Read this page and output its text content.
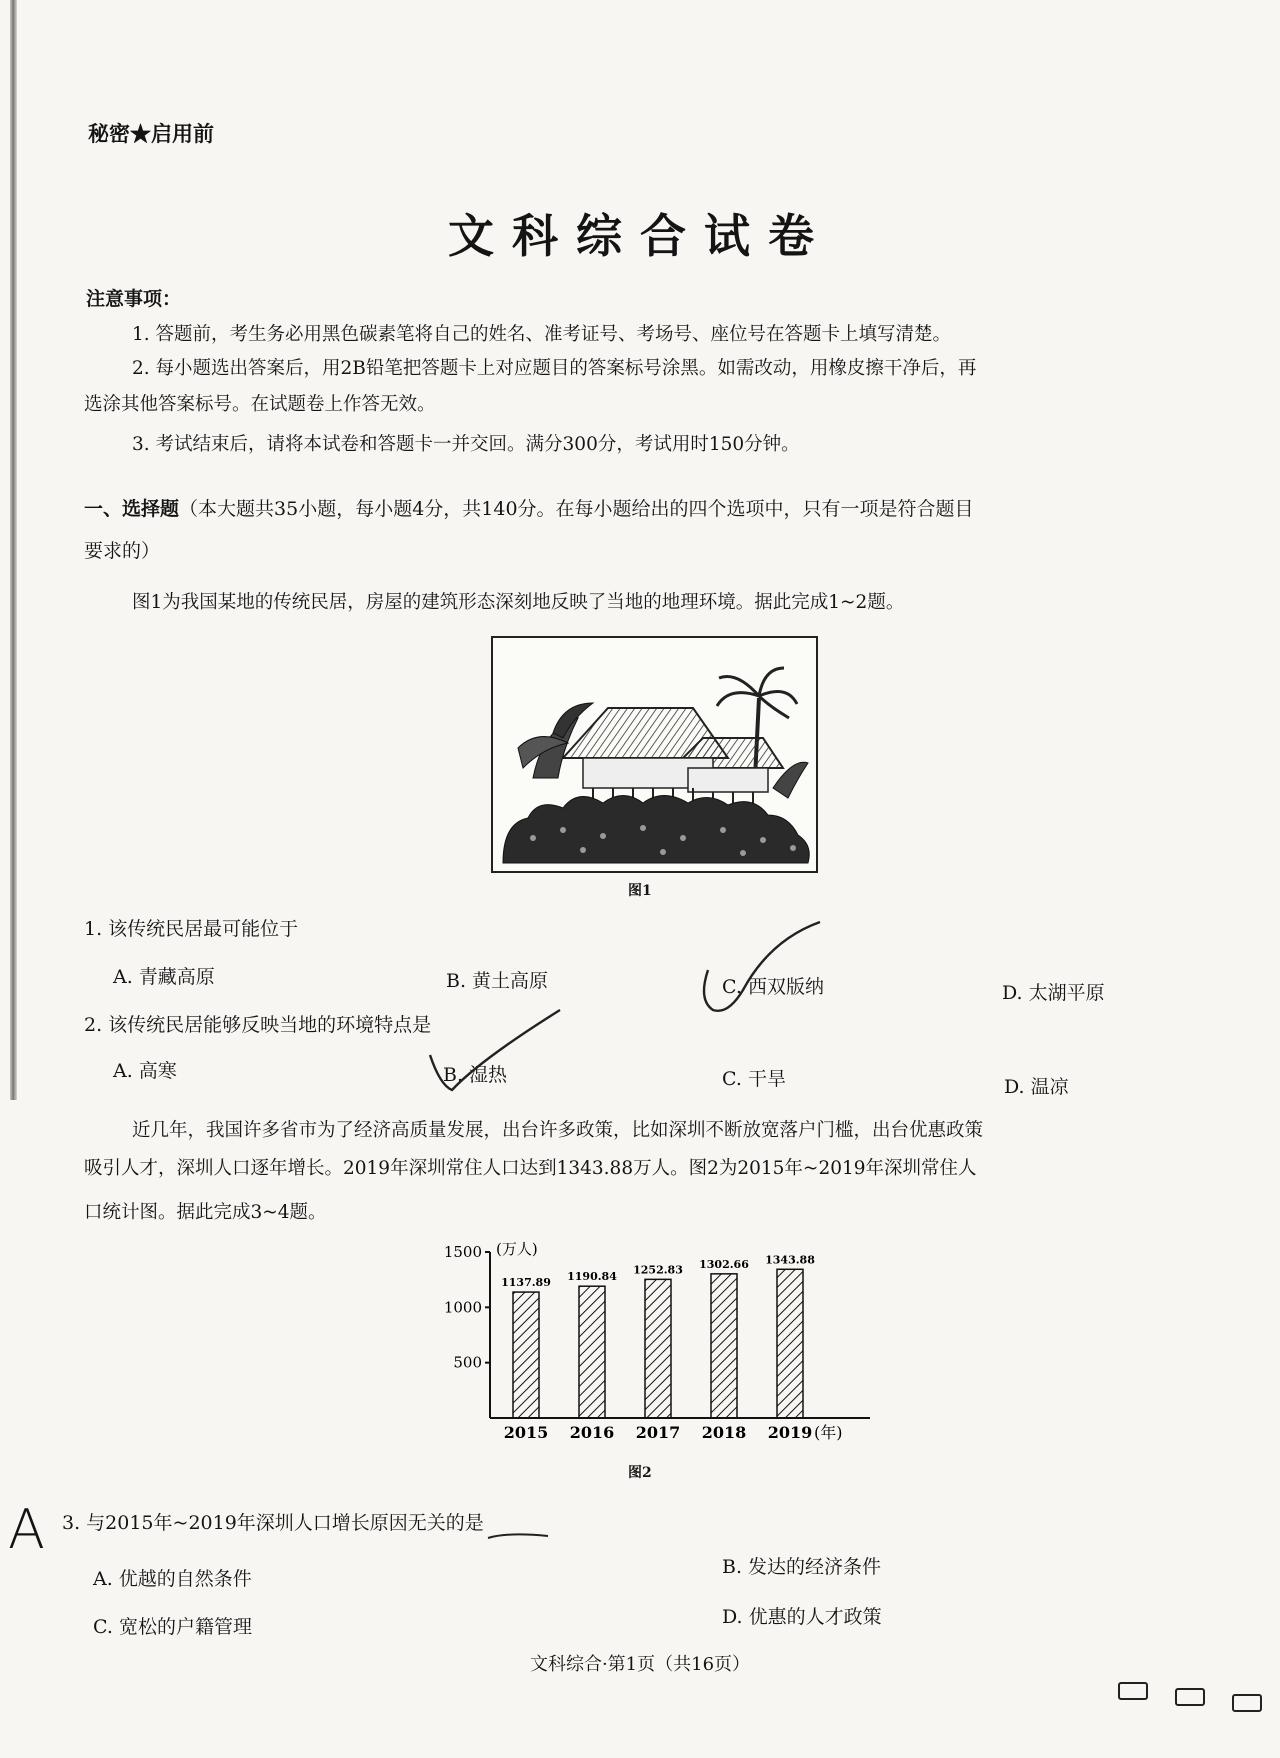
秘密★启用前
文科综合试卷
注意事项：
1. 答题前，考生务必用黑色碳素笔将自己的姓名、准考证号、考场号、座位号在答题卡上填写清楚。
2. 每小题选出答案后，用2B铅笔把答题卡上对应题目的答案标号涂黑。如需改动，用橡皮擦干净后，再
选涂其他答案标号。在试题卷上作答无效。
3. 考试结束后，请将本试卷和答题卡一并交回。满分300分，考试用时150分钟。
一、选择题（本大题共35小题，每小题4分，共140分。在每小题给出的四个选项中，只有一项是符合题目
要求的）
图1为我国某地的传统民居，房屋的建筑形态深刻地反映了当地的地理环境。据此完成1~2题。
图1
1. 该传统民居最可能位于
A. 青藏高原	B. 黄土高原	C. 西双版纳	D. 太湖平原
2. 该传统民居能够反映当地的环境特点是
A. 高寒	B. 湿热	C. 干旱	D. 温凉
近几年，我国许多省市为了经济高质量发展，出台许多政策，比如深圳不断放宽落户门槛，出台优惠政策
吸引人才，深圳人口逐年增长。2019年深圳常住人口达到1343.88万人。图2为2015年~2019年深圳常住人
口统计图。据此完成3~4题。
500
1000
1500
1137.89
2015
1190.84
2016
1252.83
2017
1302.66
2018
1343.88
2019 (年)
(万人)
图2
A 3. 与2015年~2019年深圳人口增长原因无关的是
A. 优越的自然条件
B. 发达的经济条件
C. 宽松的户籍管理	D. 优惠的人才政策
文科综合·第1页（共16页）
